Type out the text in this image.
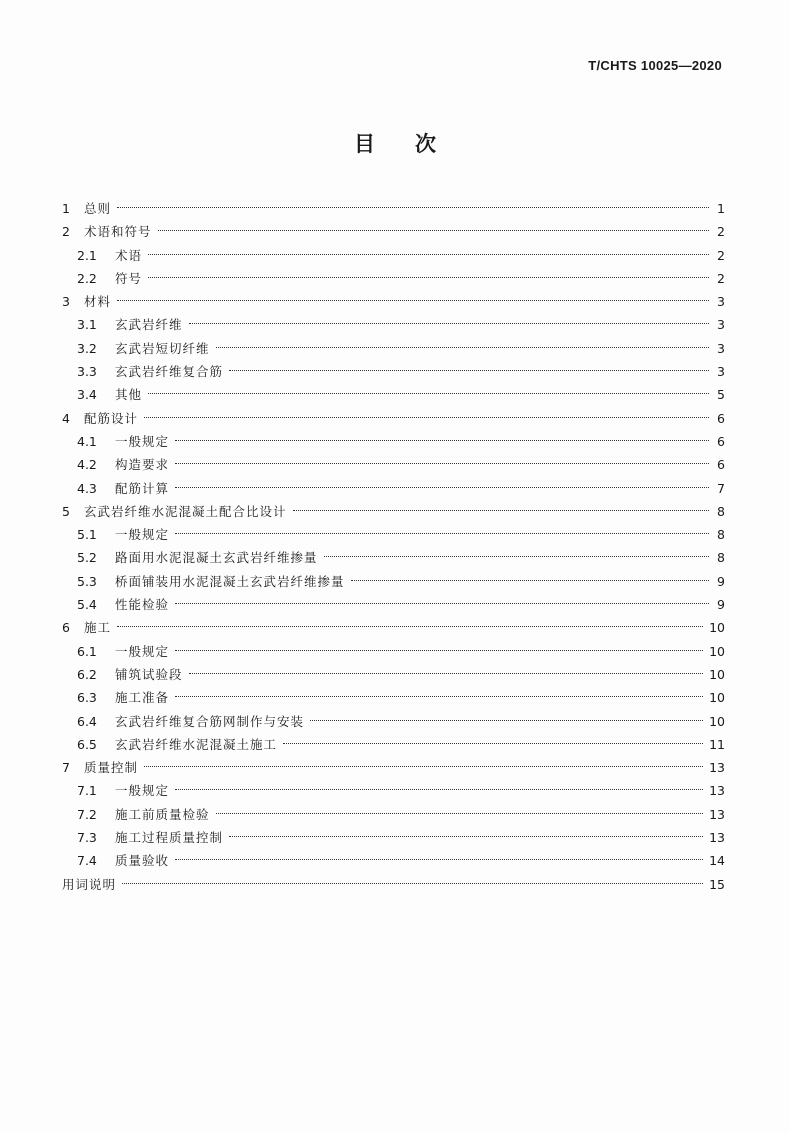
T/CHTS 10025—2020
目次
1	总则	1
2	术语和符号	2
2.1	术语	2
2.2	符号	2
3	材料	3
3.1	玄武岩纤维	3
3.2	玄武岩短切纤维	3
3.3	玄武岩纤维复合筋	3
3.4	其他	5
4	配筋设计	6
4.1	一般规定	6
4.2	构造要求	6
4.3	配筋计算	7
5	玄武岩纤维水泥混凝土配合比设计	8
5.1	一般规定	8
5.2	路面用水泥混凝土玄武岩纤维掺量	8
5.3	桥面铺装用水泥混凝土玄武岩纤维掺量	9
5.4	性能检验	9
6	施工	10
6.1	一般规定	10
6.2	铺筑试验段	10
6.3	施工准备	10
6.4	玄武岩纤维复合筋网制作与安装	10
6.5	玄武岩纤维水泥混凝土施工	11
7	质量控制	13
7.1	一般规定	13
7.2	施工前质量检验	13
7.3	施工过程质量控制	13
7.4	质量验收	14
用词说明	15
